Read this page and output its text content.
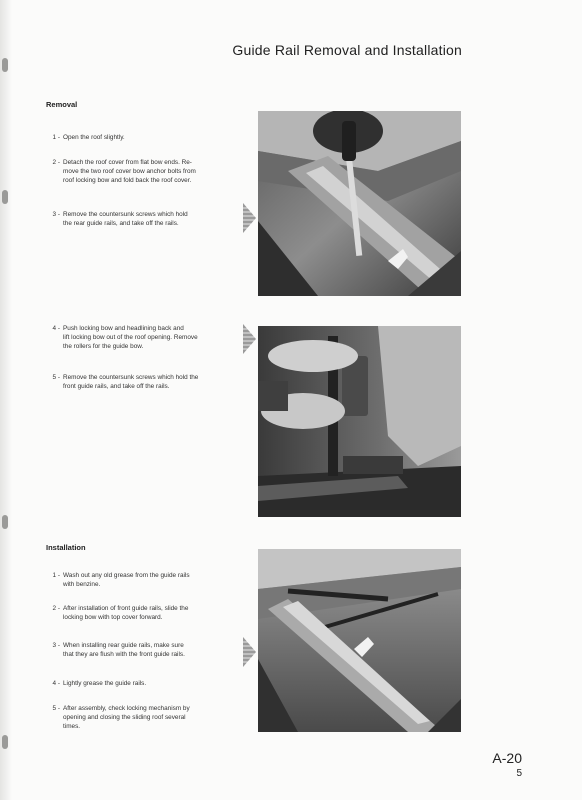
Guide Rail Removal and Installation
Removal
1 - Open the roof slightly.
2 - Detach the roof cover from flat bow ends. Re-
move the two roof cover bow anchor bolts from
roof locking bow and fold back the roof cover.
3 - Remove the countersunk screws which hold
the rear guide rails, and take off the rails.
4 - Push locking bow and headlining back and
lift locking bow out of the roof opening. Remove
the rollers for the guide bow.
5 - Remove the countersunk screws which hold the
front guide rails, and take off the rails.
Installation
1 - Wash out any old grease from the guide rails
with benzine.
2 - After installation of front guide rails, slide the
locking bow with top cover forward.
3 - When installing rear guide rails, make sure
that they are flush with the front guide rails.
4 - Lightly grease the guide rails.
5 - After assembly, check locking mechanism by
opening and closing the sliding roof several
times.
A-20
5
